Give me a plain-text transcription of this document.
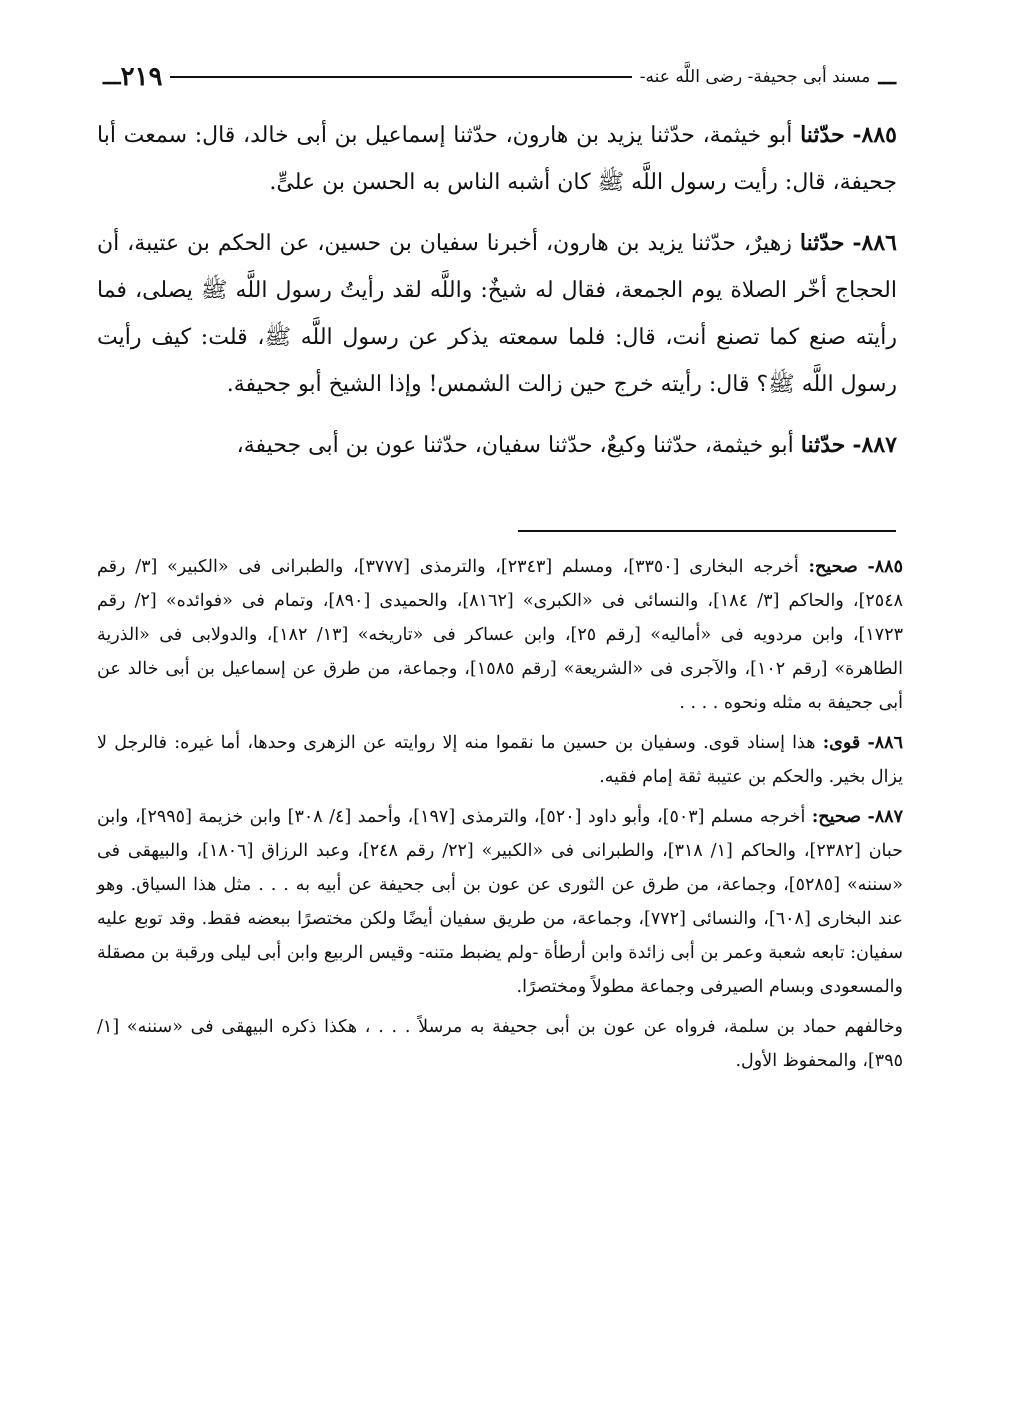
ـــ
مسند أبى جحيفة- رضى اللَّه عنه-
٢١٩
ـــ

٨٨٥- حدّثنا أبو خيثمة، حدّثنا يزيد بن هارون، حدّثنا إسماعيل بن أبى خالد، قال: سمعت أبا جحيفة، قال: رأيت رسول اللَّه ﷺ كان أشبه الناس به الحسن بن علىٍّ.

٨٨٦- حدّثنا زهيرٌ، حدّثنا يزيد بن هارون، أخبرنا سفيان بن حسين، عن الحكم بن عتيبة، أن الحجاج أخّر الصلاة يوم الجمعة، فقال له شيخٌ: واللَّه لقد رأيتُ رسول اللَّه ﷺ يصلى، فما رأيته صنع كما تصنع أنت، قال: فلما سمعته يذكر عن رسول اللَّه ﷺ، قلت: كيف رأيت رسول اللَّه ﷺ؟ قال: رأيته خرج حين زالت الشمس! وإذا الشيخ أبو جحيفة.

٨٨٧- حدّثنا أبو خيثمة، حدّثنا وكيعٌ، حدّثنا سفيان، حدّثنا عون بن أبى جحيفة،

٨٨٥- صحيح: أخرجه البخارى [٣٣٥٠]، ومسلم [٢٣٤٣]، والترمذى [٣٧٧٧]، والطبرانى فى «الكبير» [٣/ رقم ٢٥٤٨]، والحاكم [٣/ ١٨٤]، والنسائى فى «الكبرى» [٨١٦٢]، والحميدى [٨٩٠]، وتمام فى «فوائده» [٢/ رقم ١٧٢٣]، وابن مردويه فى «أماليه» [رقم ٢٥]، وابن عساكر فى «تاريخه» [١٣/ ١٨٢]، والدولابى فى «الذرية الطاهرة» [رقم ١٠٢]، والآجرى فى «الشريعة» [رقم ١٥٨٥]، وجماعة، من طرق عن إسماعيل بن أبى خالد عن أبى جحيفة به مثله ونحوه . . . .

٨٨٦- قوى: هذا إسناد قوى. وسفيان بن حسين ما نقموا منه إلا روايته عن الزهرى وحدها، أما غيره: فالرجل لا يزال بخير. والحكم بن عتيبة ثقة إمام فقيه.

٨٨٧- صحيح: أخرجه مسلم [٥٠٣]، وأبو داود [٥٢٠]، والترمذى [١٩٧]، وأحمد [٤/ ٣٠٨] وابن خزيمة [٢٩٩٥]، وابن حبان [٢٣٨٢]، والحاكم [١/ ٣١٨]، والطبرانى فى «الكبير» [٢٢/ رقم ٢٤٨]، وعبد الرزاق [١٨٠٦]، والبيهقى فى «سننه» [٥٢٨٥]، وجماعة، من طرق عن الثورى عن عون بن أبى جحيفة عن أبيه به . . . مثل هذا السياق. وهو عند البخارى [٦٠٨]، والنسائى [٧٧٢]، وجماعة، من طريق سفيان أيضًا ولكن مختصرًا ببعضه فقط. وقد توبع عليه سفيان: تابعه شعبة وعمر بن أبى زائدة وابن أرطأة -ولم يضبط متنه- وقيس الربيع وابن أبى ليلى ورقبة بن مصقلة والمسعودى وبسام الصيرفى وجماعة مطولاً ومختصرًا.

وخالفهم حماد بن سلمة، فرواه عن عون بن أبى جحيفة به مرسلاً . . . ، هكذا ذكره البيهقى فى «سننه» [١/ ٣٩٥]، والمحفوظ الأول.
